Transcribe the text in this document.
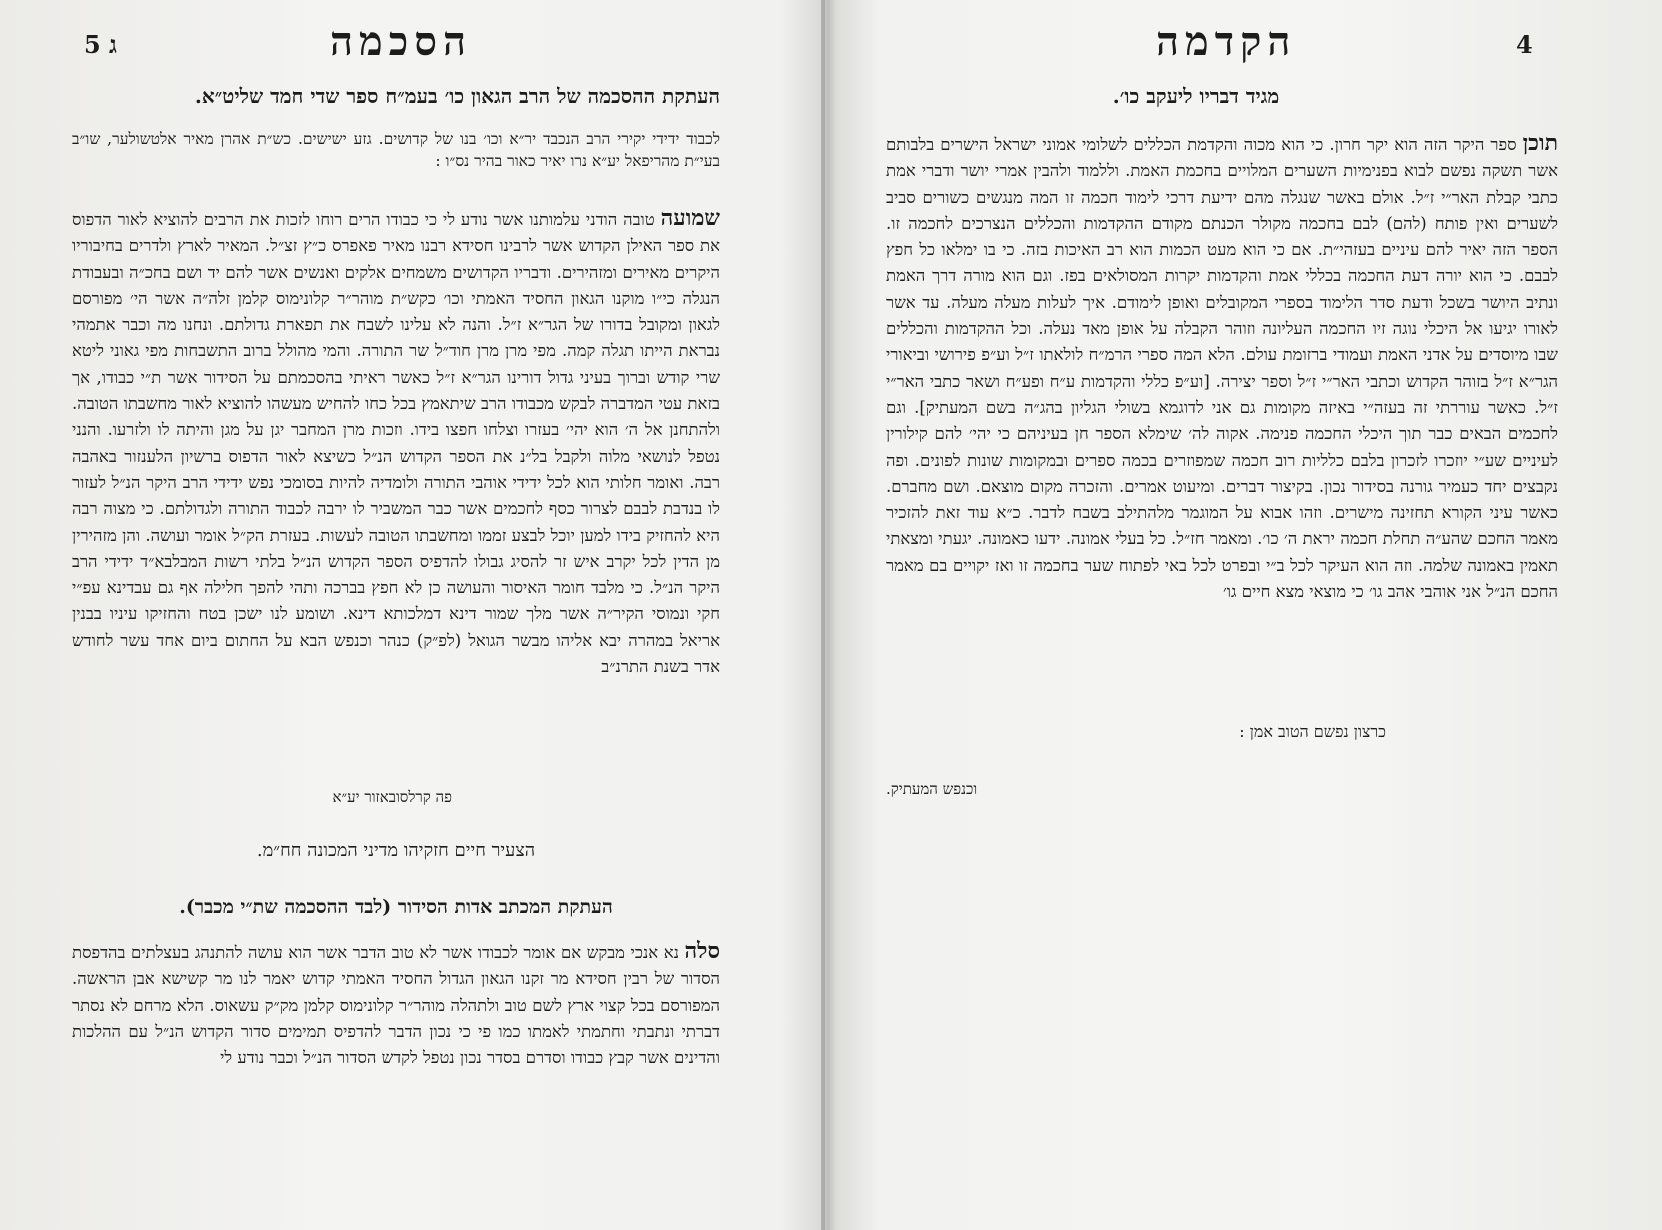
ג 5	הסכמה
העתקת ההסכמה של הרב הגאון כו׳ בעמ״ח ספר שדי חמד שליט״א.
לכבוד ידידי יקירי הרב הנכבד יר״א וכו׳ בנו של קדושים. גזע ישישים. כש״ת אהרן מאיר אלטשולער, שו״ב בעי״ת מהריפאל יע״א נרו יאיר כאור בהיר נס״ו :
שמועה טובה הודני עלמותנו אשר נודע לי כי כבודו הרים רוחו לזכות את הרבים להוציא לאור הדפוס את ספר האילן הקדוש אשר לרבינו חסידא רבנו מאיר פאפרס כ״ץ זצ״ל. המאיר לארץ ולדרים בחיבוריו היקרים מאירים ומזהירים. ודבריו הקדושים משמחים אלקים ואנשים אשר להם יד ושם בחכ״ה ובעבודת הנגלה כי״ו מוקנו הגאון החסיד האמתי וכו׳ כקש״ת מוהר״ר קלונימוס קלמן זלה״ה אשר הי׳ מפורסם לגאון ומקובל בדורו של הגר״א ז״ל. והנה לא עלינו לשבח את תפארת גדולתם. ונחנו מה וכבר אתמהי נבראת הייתו תגלה קמה. מפי מרן מרן חוד״ל שר התורה. והמי מהולל ברוב התשבחות מפי גאוני ליטא שרי קודש וברוך בעיני גדול דורינו הגר״א ז״ל כאשר ראיתי בהסכמתם על הסידור אשר ת״י כבודו, אך בזאת עטי המדברה לבקש מכבודו הרב שיתאמץ בכל כחו להחיש מעשהו להוציא לאור מחשבתו הטובה. ולהתחנן אל ה׳ הוא יהי׳ בעזרו וצלחו חפצו בידו. וזכות מרן המחבר יגן על מגן והיתה לו ולזרעו. והנני נטפל לנושאי מלוה ולקבל בל״נ את הספר הקדוש הנ״ל כשיצא לאור הדפוס ברשיון הלענזור באהבה רבה. ואומר חלותי הוא לכל ידידי אוהבי התורה ולומדיה להיות בסומכי נפש ידידי הרב היקר הנ״ל לעזור לו בנדבת לבבם לצרור כסף לחכמים אשר כבר המשביר לו ירבה לכבוד התורה ולגדולתם. כי מצוה רבה היא להחזיק בידו למען יוכל לבצע זממו ומחשבתו הטובה לעשות. בעזרת הק״ל אומר ועושה. והן מזהירין מן הדין לכל יקרב איש זר להסיג גבולו להדפיס הספר הקדוש הנ״ל בלתי רשות המבלבא״ד ידידי הרב היקר הנ״ל. כי מלבד חומר האיסור והעושה כן לא חפץ בברכה ותהי להפך חלילה אף גם עבדינא עפ״י חקי ונמוסי הקיר״ה אשר מלך שמור דינא דמלכותא דינא. ושומע לנו ישכן בטח והחזיקו עיניו בבנין אריאל במהרה יבא אליהו מבשר הגואל (לפ״ק) כנהר וכנפש הבא על החתום ביום אחד עשר לחודש אדר בשנת התרנ״ב
פה קרלסובאזור יע״א
הצעיר חיים חזקיהו מדיני המכונה חח״מ.
העתקת המכתב אדות הסידור (לבד ההסכמה שת״י מכבר).
סלה נא אנכי מבקש אם אומר לכבודו אשר לא טוב הדבר אשר הוא עושה להתנהג בעצלתים בהדפסת הסדור של רבין חסידא מר זקנו הגאון הגדול החסיד האמתי קדוש יאמר לנו מר קשישא אבן הראשה. המפורסם בכל קצוי ארץ לשם טוב ולתהלה מוהר״ר קלונימוס קלמן מק״ק עשאוס. הלא מרחם לא נסתר דברתי ונתבתי וחתמתי לאמתו כמו פי כי נכון הדבר להדפיס תמימים סדור הקדוש הנ״ל עם ההלכות והדינים אשר קבץ כבודו וסדרם בסדר נכון נטפל לקדש הסדור הנ״ל וכבר נודע לי
4
הקדמה
מגיד דבריו ליעקב כו׳.
תוכן ספר היקר הזה הוא יקר חרון. כי הוא מכוה והקדמת הכללים לשלומי אמוני ישראל הישרים בלבותם אשר תשקה נפשם לבוא בפנימיות השערים המלויים בחכמת האמת. וללמוד ולהבין אמרי יושר ודברי אמת כתבי קבלת האר״י ז״ל. אולם באשר שנגלה מהם ידיעת דרכי לימוד חכמה זו המה מנגשים כשורים סביב לשערים ואין פותח (להם) לבם בחכמה מקולר הכנתם מקודם ההקדמות והכללים הנצרכים לחכמה זו. הספר הזה יאיר להם עיניים בעזהי״ת. אם כי הוא מעט הכמות הוא רב האיכות בזה. כי בו ימלאו כל חפץ לבבם. כי הוא יורה דעת החכמה בכללי אמת והקדמות יקרות המסולאים בפז. וגם הוא מורה דרך האמת ונתיב היושר בשכל ודעת סדר הלימוד בספרי המקובלים ואופן לימודם. איך לעלות מעלה מעלה. עד אשר לאורו יגיעו אל היכלי נוגה זיו החכמה העליונה וזוהר הקבלה על אופן מאד נעלה. וכל ההקדמות והכללים שבו מיוסדים על אדני האמת ועמודי ברזומת עולם. הלא המה ספרי הרמ״ח לולאתו ז״ל וע״פ פירושי וביאורי הגר״א ז״ל בזוהר הקדוש וכתבי האר״י ז״ל וספר יצירה. [וע״פ כללי והקדמות ע״ח ופע״ח ושאר כתבי האר״י ז״ל. כאשר עוררתי זה בעזה״י באיזה מקומות גם אני לדוגמא בשולי הגליון בהג״ה בשם המעתיק]. וגם לחכמים הבאים כבר תוך היכלי החכמה פנימה. אקוה לה׳ שימלא הספר חן בעיניהם כי יהי׳ להם קילורין לעיניים שע״י יוזכרו לזכרון בלבם כלליות רוב חכמה שמפוזרים בכמה ספרים ובמקומות שונות לפונים. ופה נקבצים יחד כעמיר גורנה בסידור נכון. בקיצור דברים. ומיעוט אמרים. והזכרה מקום מוצאם. ושם מחברם. כאשר עיני הקורא תחזינה מישרים. וזהו אבוא על המוגמר מלהתילב בשבח לדבר. כ״א עוד זאת להזכיר מאמר החכם שהע״ה תחלת חכמה יראת ה׳ כו׳. ומאמר חז״ל. כל בעלי אמונה. ידעו כאמונה. יגעתי ומצאתי תאמין באמונה שלמה. וזה הוא העיקר לכל ב״י ובפרט לכל באי לפתוח שער בחכמה זו ואז יקויים בם מאמר החכם הנ״ל אני אוהבי אהב גו׳ כי מוצאי מצא חיים גו׳
כרצון נפשם הטוב אמן :
וכנפש המעתיק.
